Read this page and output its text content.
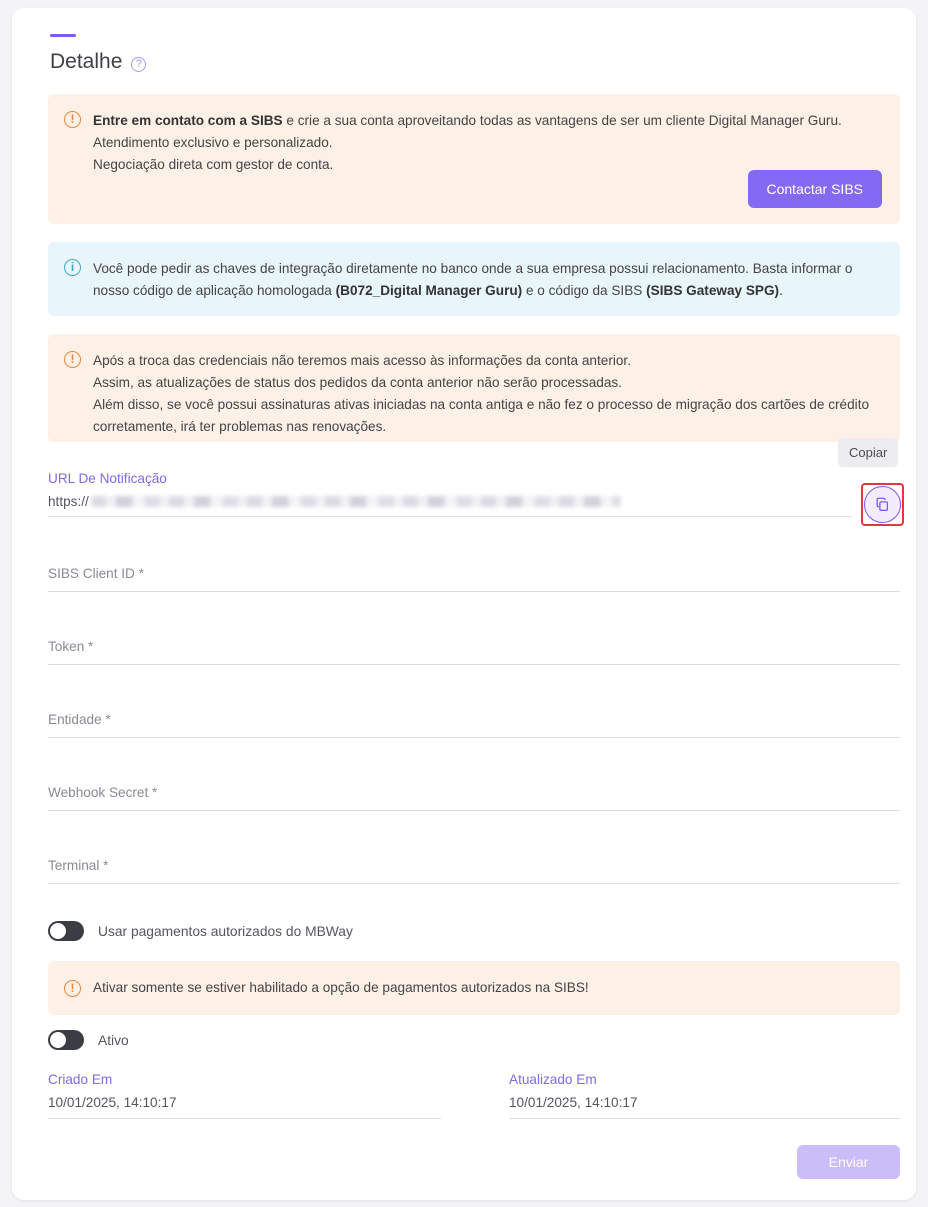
Detalhe	?
!	Entre em contato com a SIBS e crie a sua conta aproveitando todas as vantagens de ser um cliente Digital Manager Guru.
Atendimento exclusivo e personalizado.
Negociação direta com gestor de conta.
Contactar SIBS
i	Você pode pedir as chaves de integração diretamente no banco onde a sua empresa possui relacionamento. Basta informar o nosso código de aplicação homologada (B072_Digital Manager Guru) e o código da SIBS (SIBS Gateway SPG).
!	Após a troca das credenciais não teremos mais acesso às informações da conta anterior.
Assim, as atualizações de status dos pedidos da conta anterior não serão processadas.
Além disso, se você possui assinaturas ativas iniciadas na conta antiga e não fez o processo de migração dos cartões de crédito corretamente, irá ter problemas nas renovações.
Copiar
URL De Notificação
https://
SIBS Client ID *
Token *
Entidade *
Webhook Secret *
Terminal *
Usar pagamentos autorizados do MBWay
!	Ativar somente se estiver habilitado a opção de pagamentos autorizados na SIBS!
Ativo
Criado Em
10/01/2025, 14:10:17
Atualizado Em
10/01/2025, 14:10:17
Enviar
